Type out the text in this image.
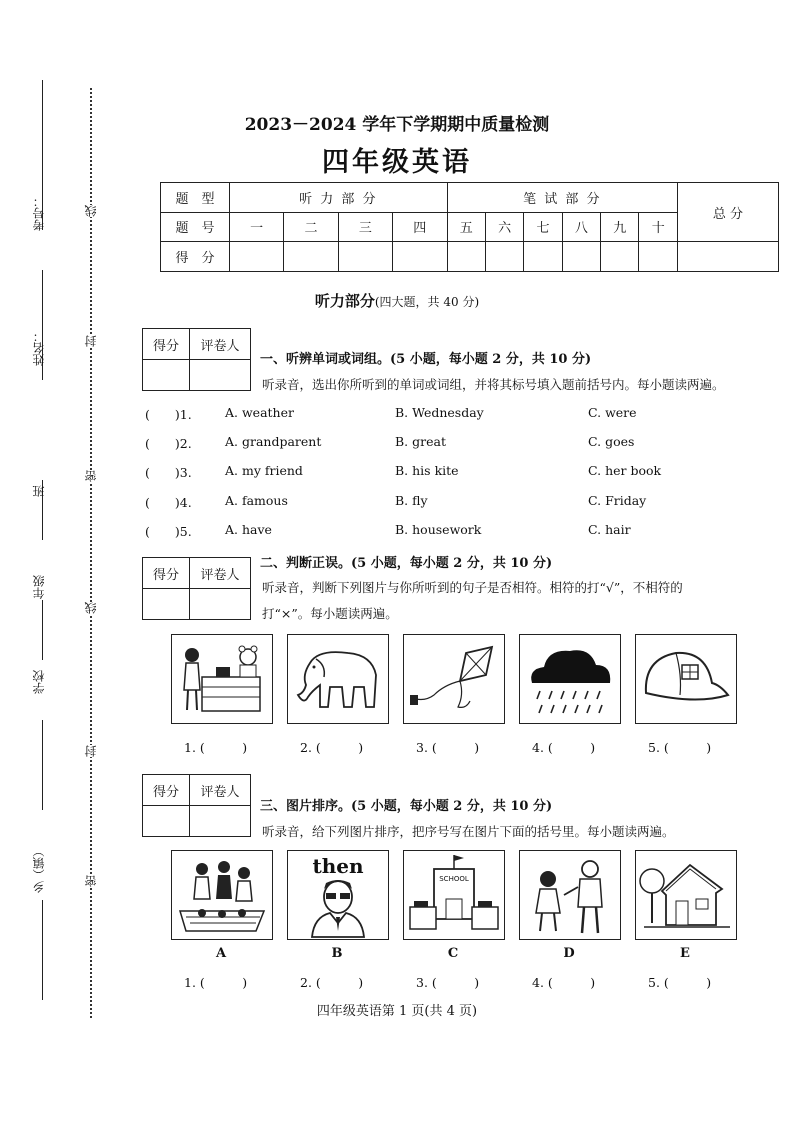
考号：
姓名：
班
年级
学校
乡（镇）
线
封
密
线
封
密
2023－2024 学年下学期期中质量检测
四年级英语
题　型	听 力 部 分				笔 试 部 分						总 分
题　号	一	二	三	四	五	六	七	八	九	十	
得　分											
听力部分(四大题，共 40 分)
得分	评卷人

一、听辨单词或词组。(5 小题，每小题 2 分，共 10 分)
听录音，选出你所听到的单词或词组，并将其标号填入题前括号内。每小题读两遍。
(　　)1.	A. weather	B. Wednesday	C. were
(　　)2.	A. grandparent	B. great	C. goes
(　　)3.	A. my friend	B. his kite	C. her book
(　　)4.	A. famous	B. fly	C. Friday
(　　)5.	A. have	B. housework	C. hair
得分	评卷人

二、判断正误。(5 小题，每小题 2 分，共 10 分)
听录音，判断下列图片与你所听到的句子是否相符。相符的打“√”，不相符的
打“×”。每小题读两遍。
1. (　　　)	2. (　　　)	3. (　　　)	4. (　　　)	5. (　　　)
得分	评卷人

三、图片排序。(5 小题，每小题 2 分，共 10 分)
听录音，给下列图片排序，把序号写在图片下面的括号里。每小题读两遍。
then
SCHOOL
A	B	C	D	E
1. (　　　)	2. (　　　)	3. (　　　)	4. (　　　)	5. (　　　)
四年级英语第 1 页(共 4 页)
